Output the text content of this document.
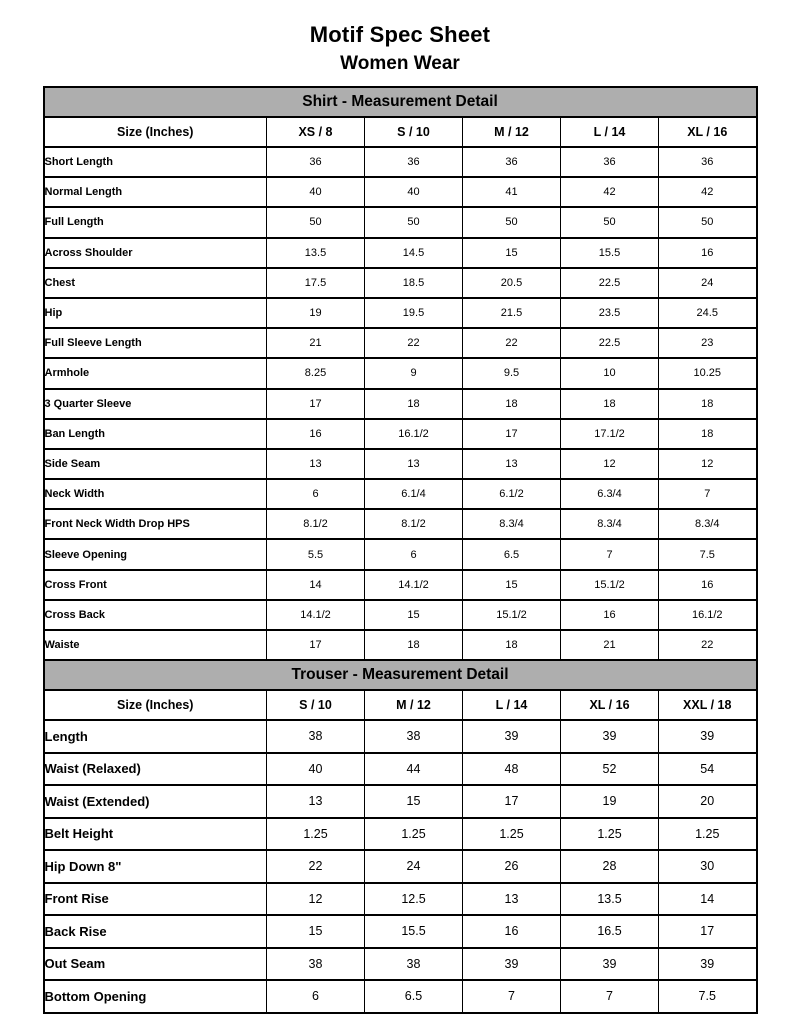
Motif Spec Sheet
Women Wear
Shirt - Measurement Detail					
Size (Inches)	XS / 8	S / 10	M / 12	L / 14	XL / 16
Short Length	36	36	36	36	36
Normal Length	40	40	41	42	42
Full Length	50	50	50	50	50
Across Shoulder	13.5	14.5	15	15.5	16
Chest	17.5	18.5	20.5	22.5	24
Hip	19	19.5	21.5	23.5	24.5
Full Sleeve Length	21	22	22	22.5	23
Armhole	8.25	9	9.5	10	10.25
3 Quarter Sleeve	17	18	18	18	18
Ban Length	16	16.1/2	17	17.1/2	18
Side Seam	13	13	13	12	12
Neck Width	6	6.1/4	6.1/2	6.3/4	7
Front Neck Width Drop HPS	8.1/2	8.1/2	8.3/4	8.3/4	8.3/4
Sleeve Opening	5.5	6	6.5	7	7.5
Cross Front	14	14.1/2	15	15.1/2	16
Cross Back	14.1/2	15	15.1/2	16	16.1/2
Waiste	17	18	18	21	22
Trouser - Measurement Detail					
Size (Inches)	S / 10	M / 12	L / 14	XL / 16	XXL / 18
Length	38	38	39	39	39
Waist (Relaxed)	40	44	48	52	54
Waist (Extended)	13	15	17	19	20
Belt Height	1.25	1.25	1.25	1.25	1.25
Hip Down 8"	22	24	26	28	30
Front Rise	12	12.5	13	13.5	14
Back Rise	15	15.5	16	16.5	17
Out Seam	38	38	39	39	39
Bottom Opening	6	6.5	7	7	7.5
